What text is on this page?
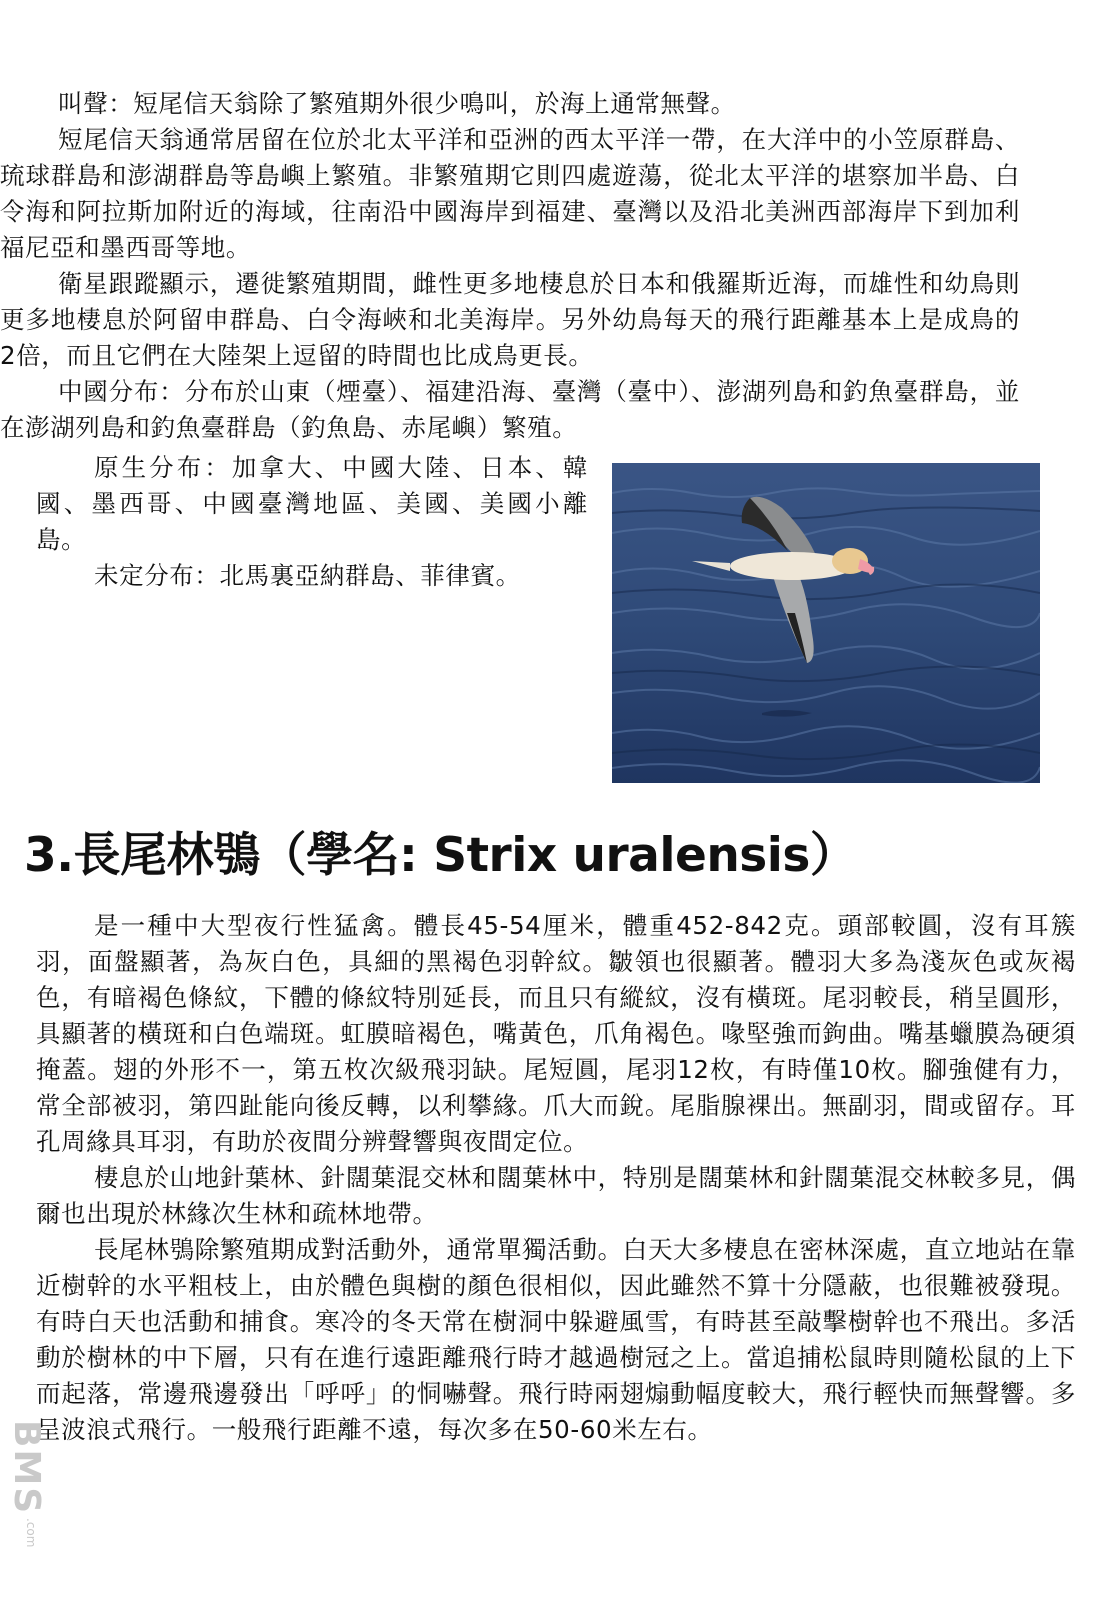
叫聲：短尾信天翁除了繁殖期外很少鳴叫，於海上通常無聲。

短尾信天翁通常居留在位於北太平洋和亞洲的西太平洋一帶，在大洋中的小笠原群島、琉球群島和澎湖群島等島嶼上繁殖。非繁殖期它則四處遊蕩，從北太平洋的堪察加半島、白令海和阿拉斯加附近的海域，往南沿中國海岸到福建、臺灣以及沿北美洲西部海岸下到加利福尼亞和墨西哥等地。

衛星跟蹤顯示，遷徙繁殖期間，雌性更多地棲息於日本和俄羅斯近海，而雄性和幼鳥則更多地棲息於阿留申群島、白令海峽和北美海岸。另外幼鳥每天的飛行距離基本上是成鳥的2倍，而且它們在大陸架上逗留的時間也比成鳥更長。

中國分布：分布於山東（煙臺）、福建沿海、臺灣（臺中）、澎湖列島和釣魚臺群島，並在澎湖列島和釣魚臺群島（釣魚島、赤尾嶼）繁殖。

原生分布：加拿大、中國大陸、日本、韓國、墨西哥、中國臺灣地區、美國、美國小離島。

未定分布：北馬裏亞納群島、菲律賓。

3.長尾林鴞（學名: Strix uralensis）

是一種中大型夜行性猛禽。體長45-54厘米，體重452-842克。頭部較圓，沒有耳簇羽，面盤顯著，為灰白色，具細的黑褐色羽幹紋。皺領也很顯著。體羽大多為淺灰色或灰褐色，有暗褐色條紋，下體的條紋特別延長，而且只有縱紋，沒有橫斑。尾羽較長，稍呈圓形，具顯著的橫斑和白色端斑。虹膜暗褐色，嘴黃色，爪角褐色。喙堅強而鉤曲。嘴基蠟膜為硬須掩蓋。翅的外形不一，第五枚次級飛羽缺。尾短圓，尾羽12枚，有時僅10枚。腳強健有力，常全部被羽，第四趾能向後反轉，以利攀緣。爪大而銳。尾脂腺裸出。無副羽，間或留存。耳孔周緣具耳羽，有助於夜間分辨聲響與夜間定位。

棲息於山地針葉林、針闊葉混交林和闊葉林中，特別是闊葉林和針闊葉混交林較多見，偶爾也出現於林緣次生林和疏林地帶。

長尾林鴞除繁殖期成對活動外，通常單獨活動。白天大多棲息在密林深處，直立地站在靠近樹幹的水平粗枝上，由於體色與樹的顏色很相似，因此雖然不算十分隱蔽，也很難被發現。有時白天也活動和捕食。寒冷的冬天常在樹洞中躲避風雪，有時甚至敲擊樹幹也不飛出。多活動於樹林的中下層，只有在進行遠距離飛行時才越過樹冠之上。當追捕松鼠時則隨松鼠的上下而起落，常邊飛邊發出「呼呼」的恫嚇聲。飛行時兩翅煽動幅度較大，飛行輕快而無聲響。多呈波浪式飛行。一般飛行距離不遠，每次多在50-60米左右。

BMS
.com
